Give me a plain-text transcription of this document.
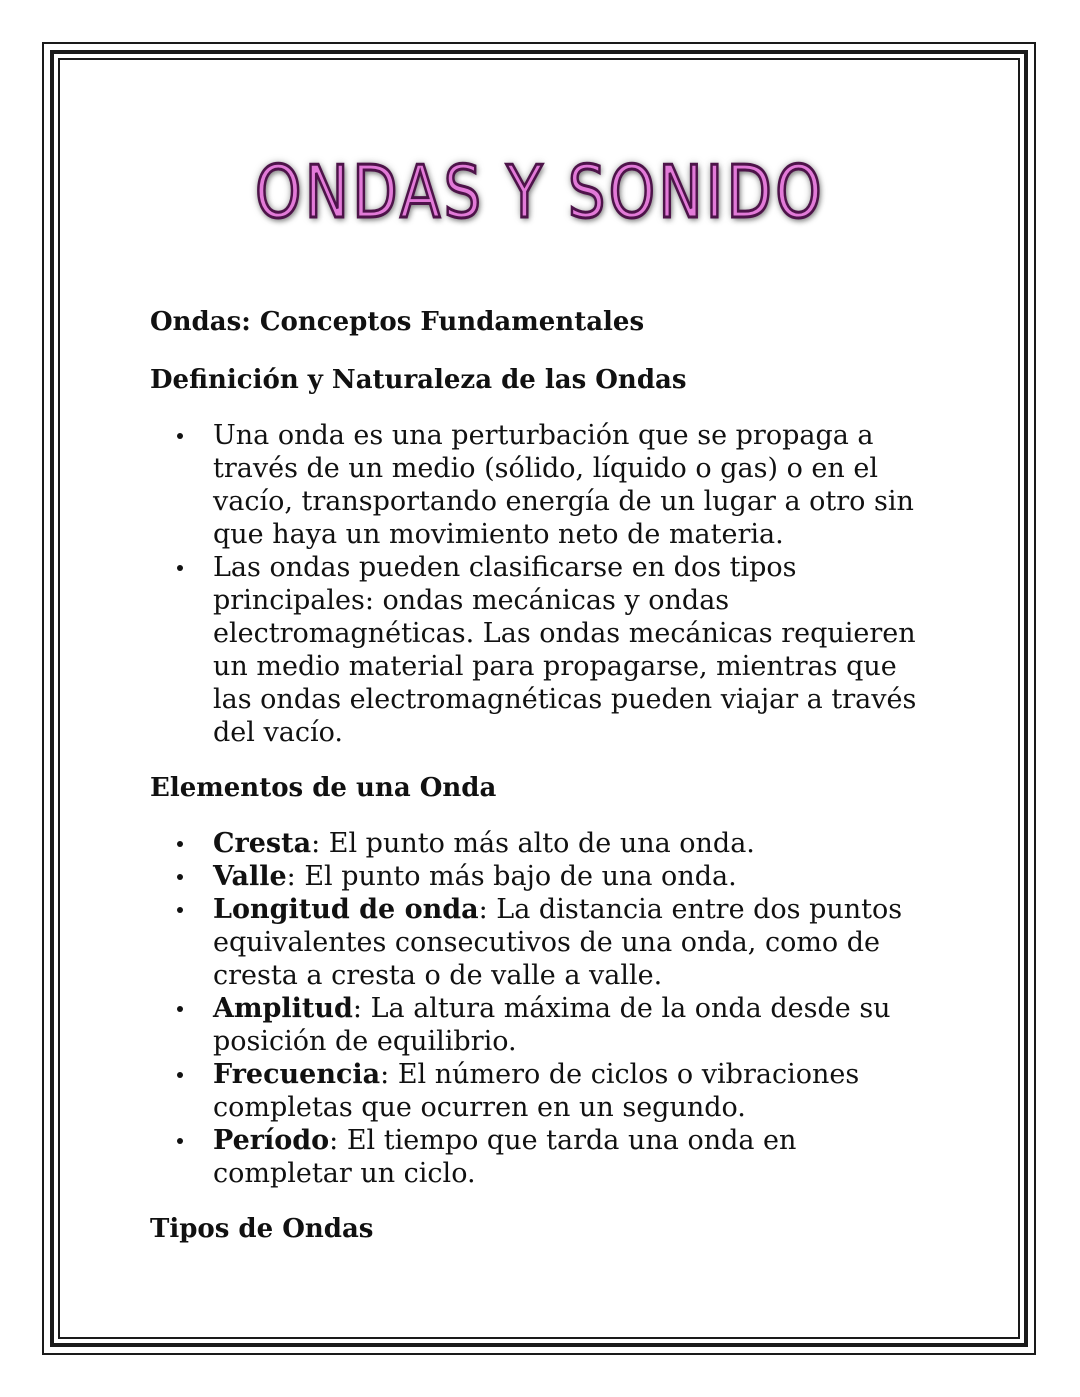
ONDAS Y SONIDO
Ondas: Conceptos Fundamentales
Definición y Naturaleza de las Ondas
Una onda es una perturbación que se propaga a través de un medio (sólido, líquido o gas) o en el vacío, transportando energía de un lugar a otro sin que haya un movimiento neto de materia.
Las ondas pueden clasificarse en dos tipos principales: ondas mecánicas y ondas electromagnéticas. Las ondas mecánicas requieren un medio material para propagarse, mientras que las ondas electromagnéticas pueden viajar a través del vacío.
Elementos de una Onda
Cresta: El punto más alto de una onda.
Valle: El punto más bajo de una onda.
Longitud de onda: La distancia entre dos puntos equivalentes consecutivos de una onda, como de cresta a cresta o de valle a valle.
Amplitud: La altura máxima de la onda desde su posición de equilibrio.
Frecuencia: El número de ciclos o vibraciones completas que ocurren en un segundo.
Período: El tiempo que tarda una onda en completar un ciclo.
Tipos de Ondas
